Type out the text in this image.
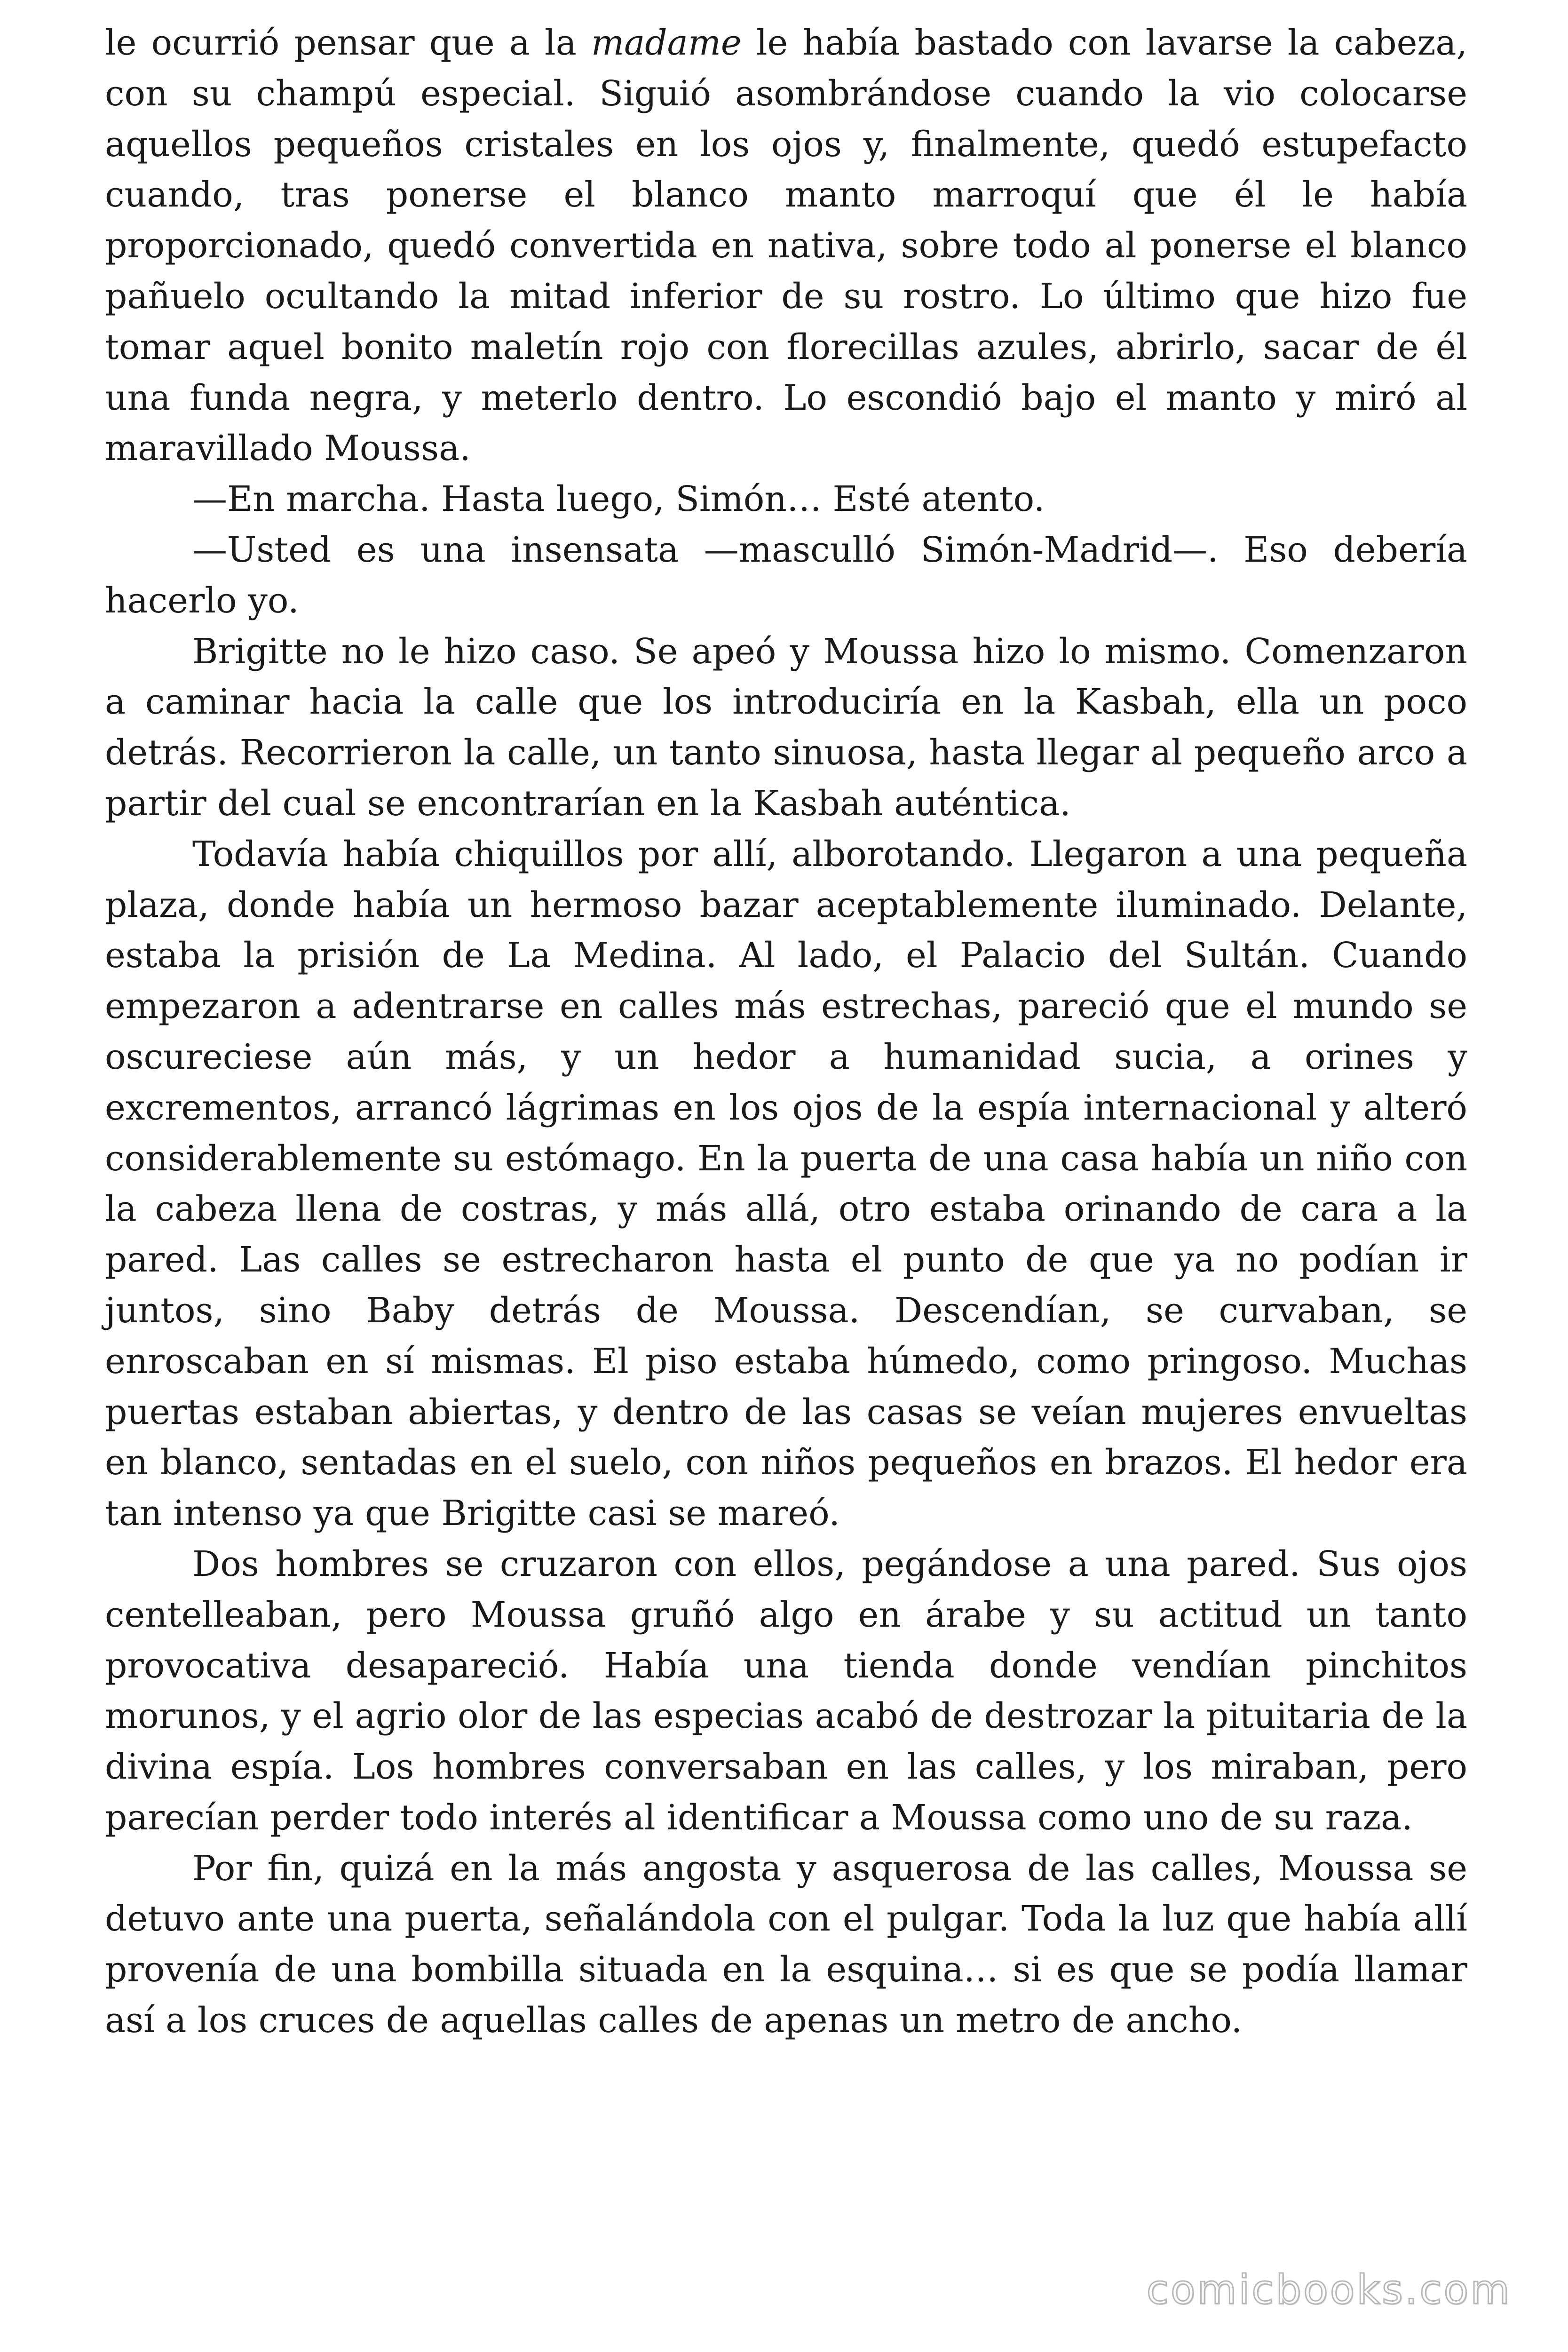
le ocurrió pensar que a la madame le había bastado con lavarse la cabeza, con su champú especial. Siguió asombrándose cuando la vio colocarse aquellos pequeños cristales en los ojos y, finalmente, quedó estupefacto cuando, tras ponerse el blanco manto marroquí que él le había proporcionado, quedó convertida en nativa, sobre todo al ponerse el blanco pañuelo ocultando la mitad inferior de su rostro. Lo último que hizo fue tomar aquel bonito maletín rojo con florecillas azules, abrirlo, sacar de él una funda negra, y meterlo dentro. Lo escondió bajo el manto y miró al maravillado Moussa.

—En marcha. Hasta luego, Simón… Esté atento.

—Usted es una insensata —masculló Simón-Madrid—. Eso debería hacerlo yo.

Brigitte no le hizo caso. Se apeó y Moussa hizo lo mismo. Comenzaron a caminar hacia la calle que los introduciría en la Kasbah, ella un poco detrás. Recorrieron la calle, un tanto sinuosa, hasta llegar al pequeño arco a partir del cual se encontrarían en la Kasbah auténtica.

Todavía había chiquillos por allí, alborotando. Llegaron a una pequeña plaza, donde había un hermoso bazar aceptablemente iluminado. Delante, estaba la prisión de La Medina. Al lado, el Palacio del Sultán. Cuando empezaron a adentrarse en calles más estrechas, pareció que el mundo se oscureciese aún más, y un hedor a humanidad sucia, a orines y excrementos, arrancó lágrimas en los ojos de la espía internacional y alteró considerablemente su estómago. En la puerta de una casa había un niño con la cabeza llena de costras, y más allá, otro estaba orinando de cara a la pared. Las calles se estrecharon hasta el punto de que ya no podían ir juntos, sino Baby detrás de Moussa. Descendían, se curvaban, se enroscaban en sí mismas. El piso estaba húmedo, como pringoso. Muchas puertas estaban abiertas, y dentro de las casas se veían mujeres envueltas en blanco, sentadas en el suelo, con niños pequeños en brazos. El hedor era tan intenso ya que Brigitte casi se mareó.

Dos hombres se cruzaron con ellos, pegándose a una pared. Sus ojos centelleaban, pero Moussa gruñó algo en árabe y su actitud un tanto provocativa desapareció. Había una tienda donde vendían pinchitos morunos, y el agrio olor de las especias acabó de destrozar la pituitaria de la divina espía. Los hombres conversaban en las calles, y los miraban, pero parecían perder todo interés al identificar a Moussa como uno de su raza.

Por fin, quizá en la más angosta y asquerosa de las calles, Moussa se detuvo ante una puerta, señalándola con el pulgar. Toda la luz que había allí provenía de una bombilla situada en la esquina… si es que se podía llamar así a los cruces de aquellas calles de apenas un metro de ancho.

comicbooks.com
